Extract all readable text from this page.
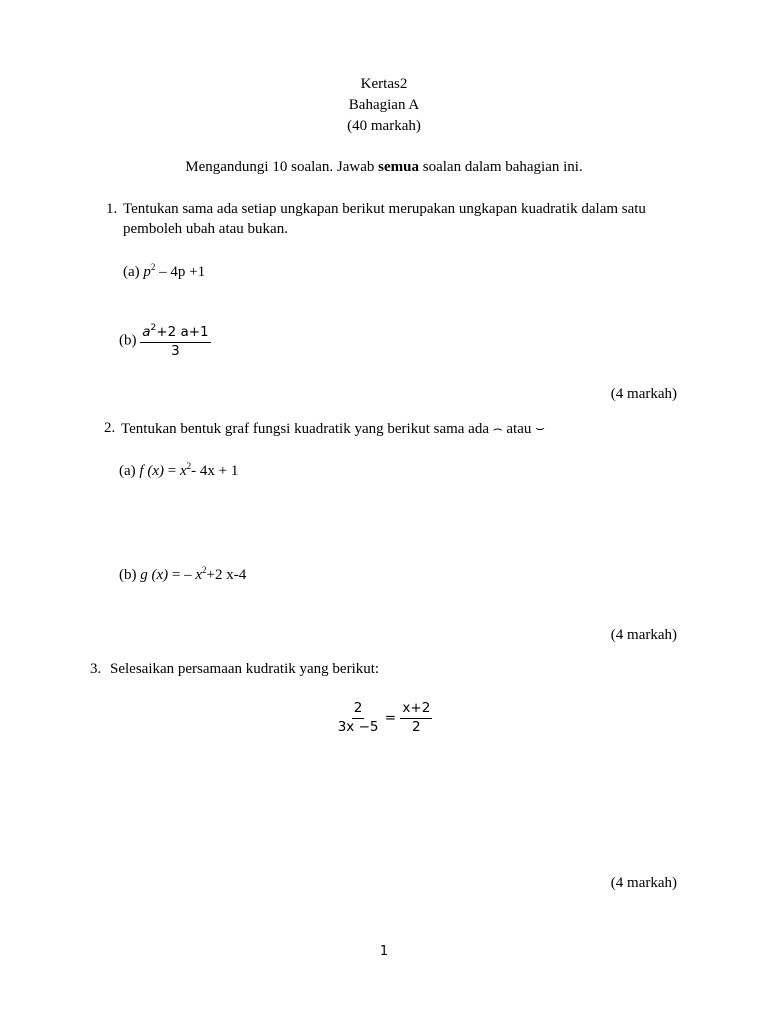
Kertas2
Bahagian A
(40 markah)
Mengandungi 10 soalan. Jawab semua soalan dalam bahagian ini.
1. Tentukan sama ada setiap ungkapan berikut merupakan ungkapan kuadratik dalam satu
pemboleh ubah atau bukan.
(a) $p^2 - 4p +1$
$(b) \frac{a^2+2 a+1}{3}$
(4 markah)
2. Tentukan bentuk graf fungsi kuadratik yang berikut sama ada ⌢ atau ⌣
(a) f $(x) = x^2-$ 4x + 1
(b) g (x) = – $x^2+2$ x-4
(4 markah)
3. Selesaikan persamaan kudratik yang berikut:
$\frac{2}{3x -5} = \frac{x+2}{2}$
(4 markah)
1
